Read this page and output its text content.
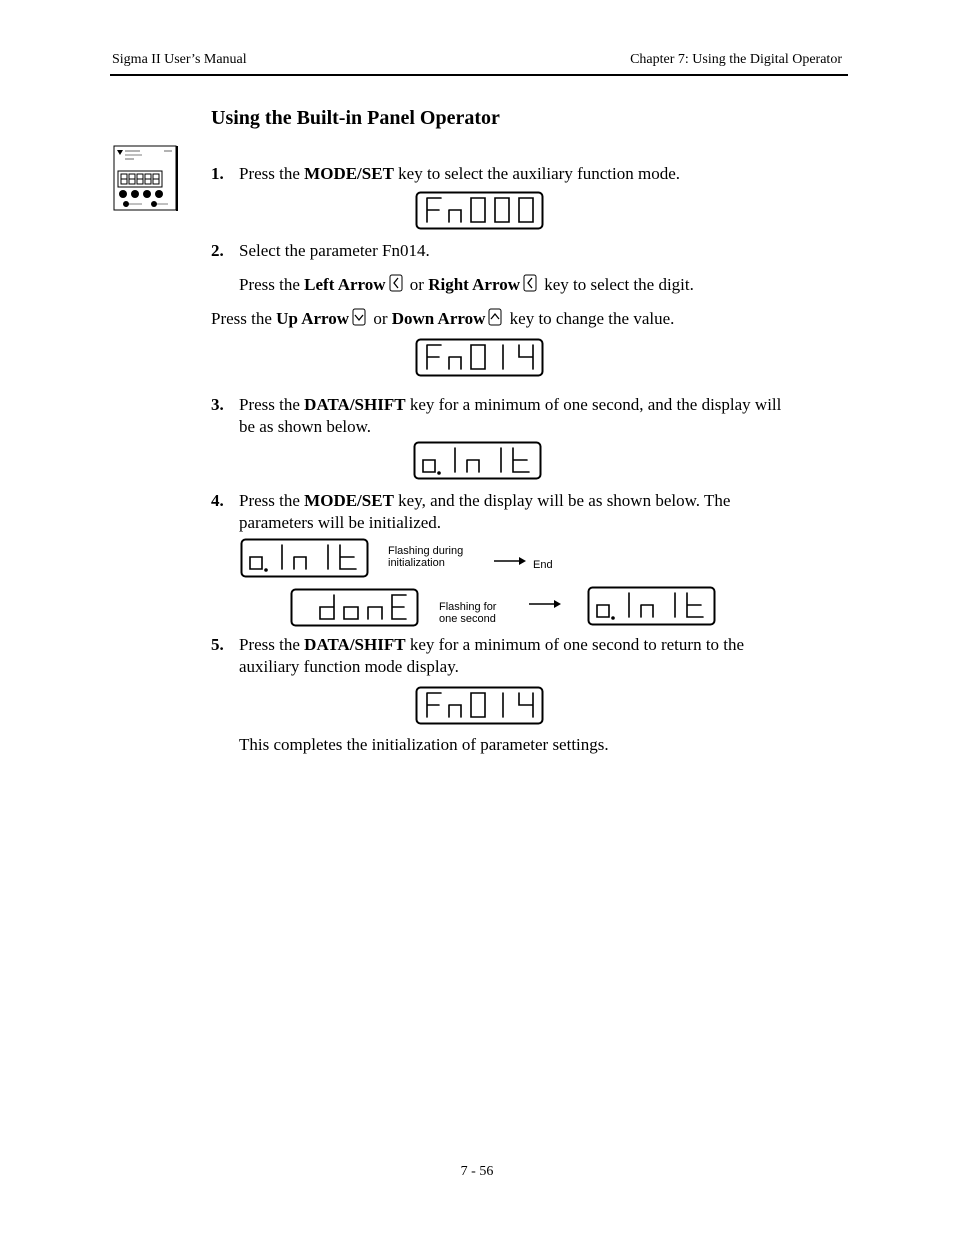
Sigma II User’s Manual	Chapter 7: Using the Digital Operator
Using the Built-in Panel Operator
1. Press the MODE/SET key to select the auxiliary function mode.
2. Select the parameter Fn014.
Press the Left Arrow or Right Arrow key to select the digit.
Press the Up Arrow or Down Arrow key to change the value.
3. Press the DATA/SHIFT key for a minimum of one second, and the display will
be as shown below.
4. Press the MODE/SET key, and the display will be as shown below. The
parameters will be initialized.
Flashing during
initialization	End
Flashing for
one second
5. Press the DATA/SHIFT key for a minimum of one second to return to the
auxiliary function mode display.
This completes the initialization of parameter settings.
7 - 56
